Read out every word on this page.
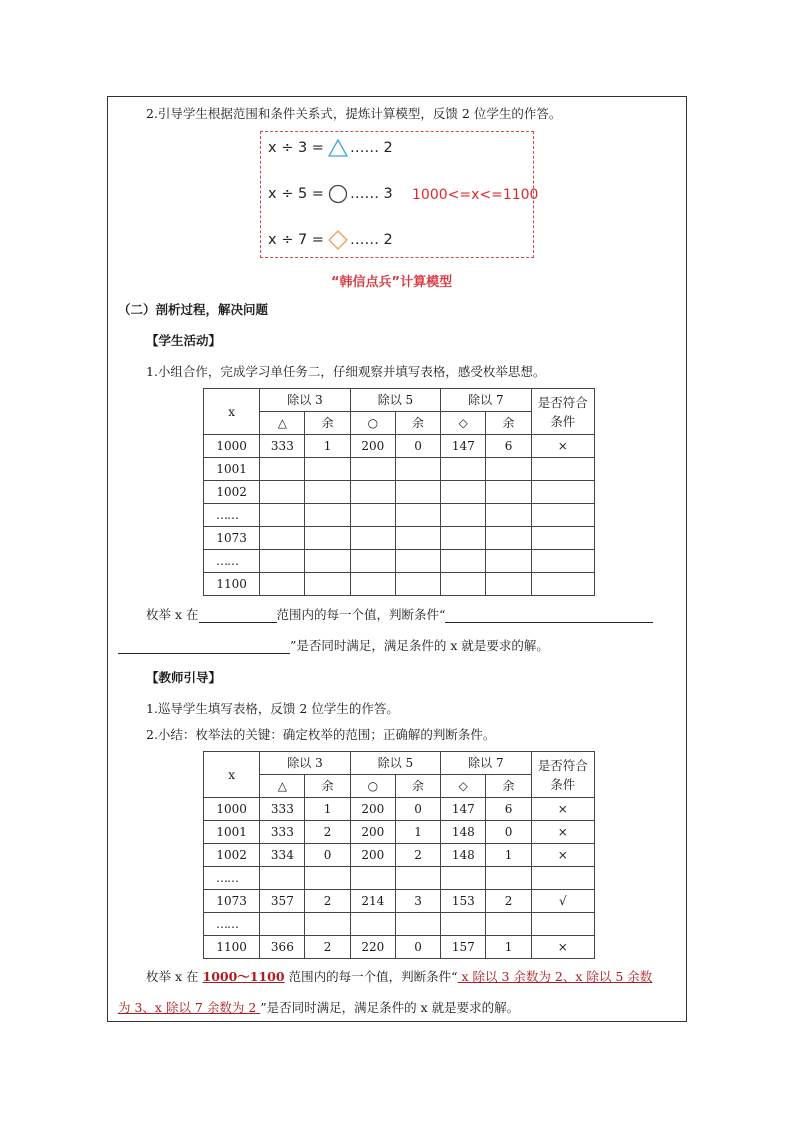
2.引导学生根据范围和条件关系式，提炼计算模型，反馈 2 位学生的作答。
x ÷ 3 = …… 2
x ÷ 5 = …… 3 1000<=x<=1100
x ÷ 7 = …… 2
“韩信点兵”计算模型
（二）剖析过程，解决问题
【学生活动】
1.小组合作，完成学习单任务二，仔细观察并填写表格，感受枚举思想。
x	除以 3		除以 5		除以 7		是否符合条件
	△	余	○	余	◇	余	
1000	333	1	200	0	147	6	×
1001							
1002							
……							
1073							
……							
1100							
枚举 x 在	范围内的每一个值，判断条件“
”是否同时满足，满足条件的 x 就是要求的解。
【教师引导】
1.巡导学生填写表格，反馈 2 位学生的作答。
2.小结：枚举法的关键：确定枚举的范围；正确解的判断条件。
x	除以 3		除以 5		除以 7		是否符合条件
	△	余	○	余	◇	余	
1000	333	1	200	0	147	6	×
1001	333	2	200	1	148	0	×
1002	334	0	200	2	148	1	×
……							
1073	357	2	214	3	153	2	√
……							
1100	366	2	220	0	157	1	×
枚举 x 在 1000～1100 范围内的每一个值，判断条件“ x 除以 3 余数为 2、x 除以 5 余数
为 3、x 除以 7 余数为 2 ”是否同时满足，满足条件的 x 就是要求的解。
